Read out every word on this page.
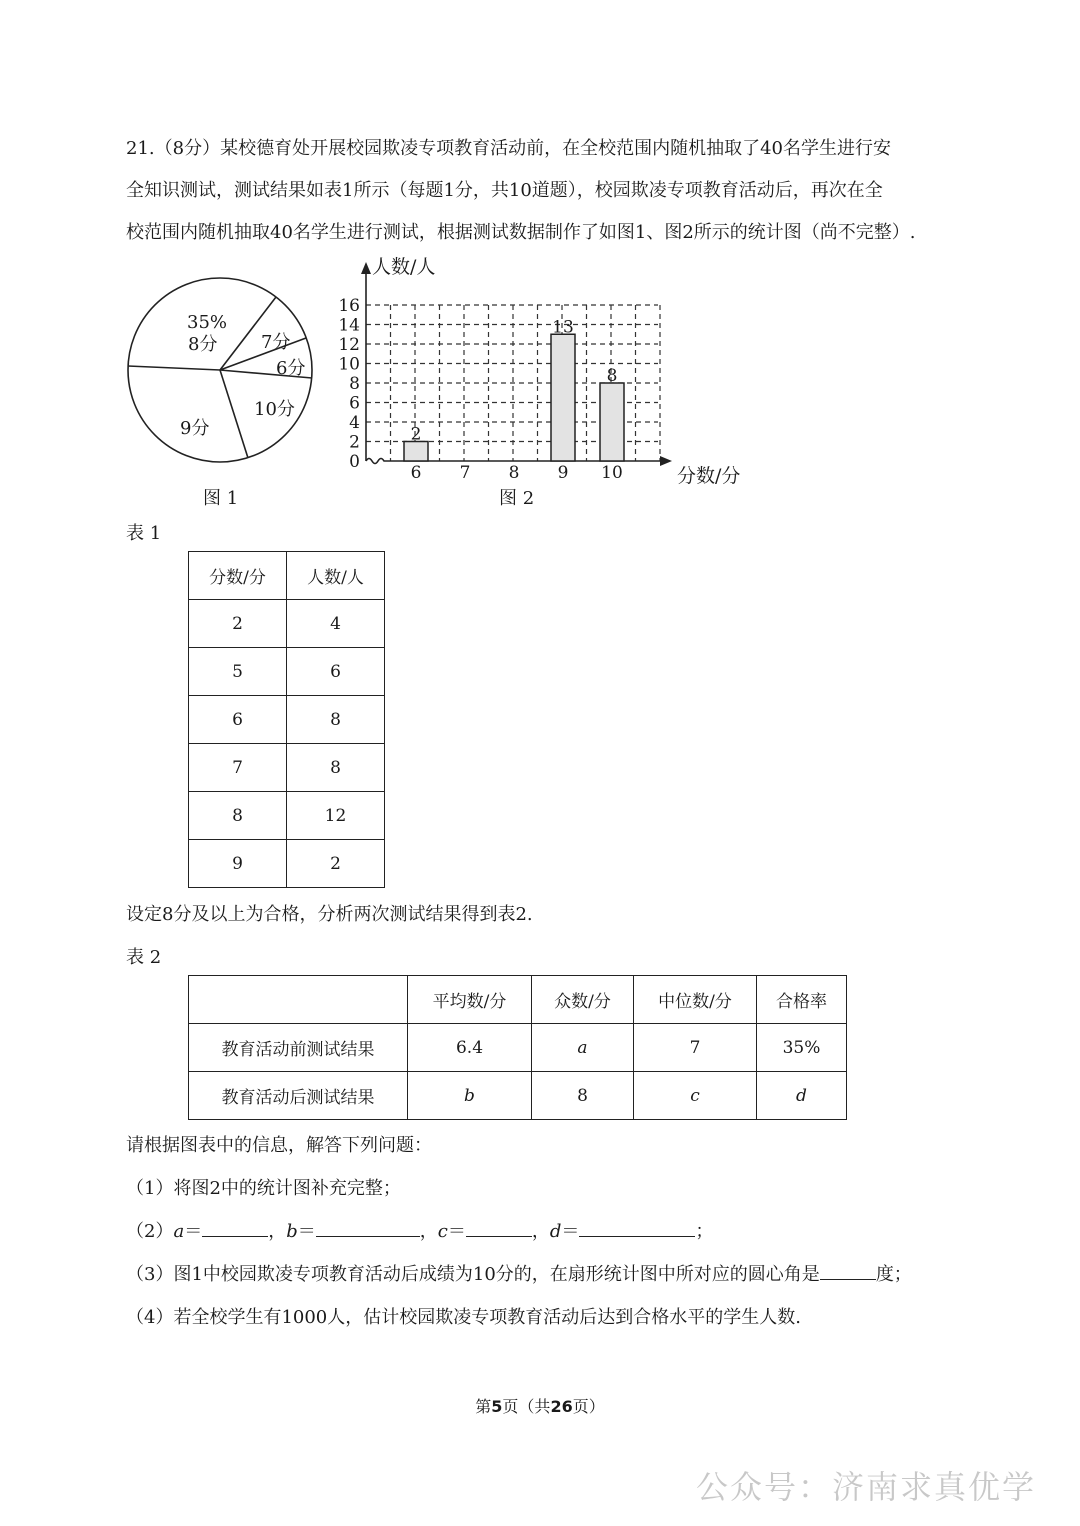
21.（8分）某校德育处开展校园欺凌专项教育活动前，在全校范围内随机抽取了40名学生进行安

全知识测试，测试结果如表1所示（每题1分，共10道题），校园欺凌专项教育活动后，再次在全

校范围内随机抽取40名学生进行测试，根据测试数据制作了如图1、图2所示的统计图（尚不完整）.

35%
8分 7分
6分
10分
9分
图 1
0
2
4
6
8
10
12
14
16
6 7 8 9 10
2
13
8
人数/人
分数/分
图 2
表 1
分数/分	人数/人
2	4
5	6
6	8
7	8
8	12
9	2
设定8分及以上为合格，分析两次测试结果得到表2.
表 2
	平均数/分	众数/分	中位数/分	合格率
教育活动前测试结果	6.4	a	7	35%
教育活动后测试结果	b	8	c	d
请根据图表中的信息，解答下列问题：
（1）将图2中的统计图补充完整；
（2）a＝	，b＝	，c＝	，d＝	；
（3）图1中校园欺凌专项教育活动后成绩为10分的，在扇形统计图中所对应的圆心角是	度；
（4）若全校学生有1000人，估计校园欺凌专项教育活动后达到合格水平的学生人数.
第5页（共26页）
公众号：济南求真优学
